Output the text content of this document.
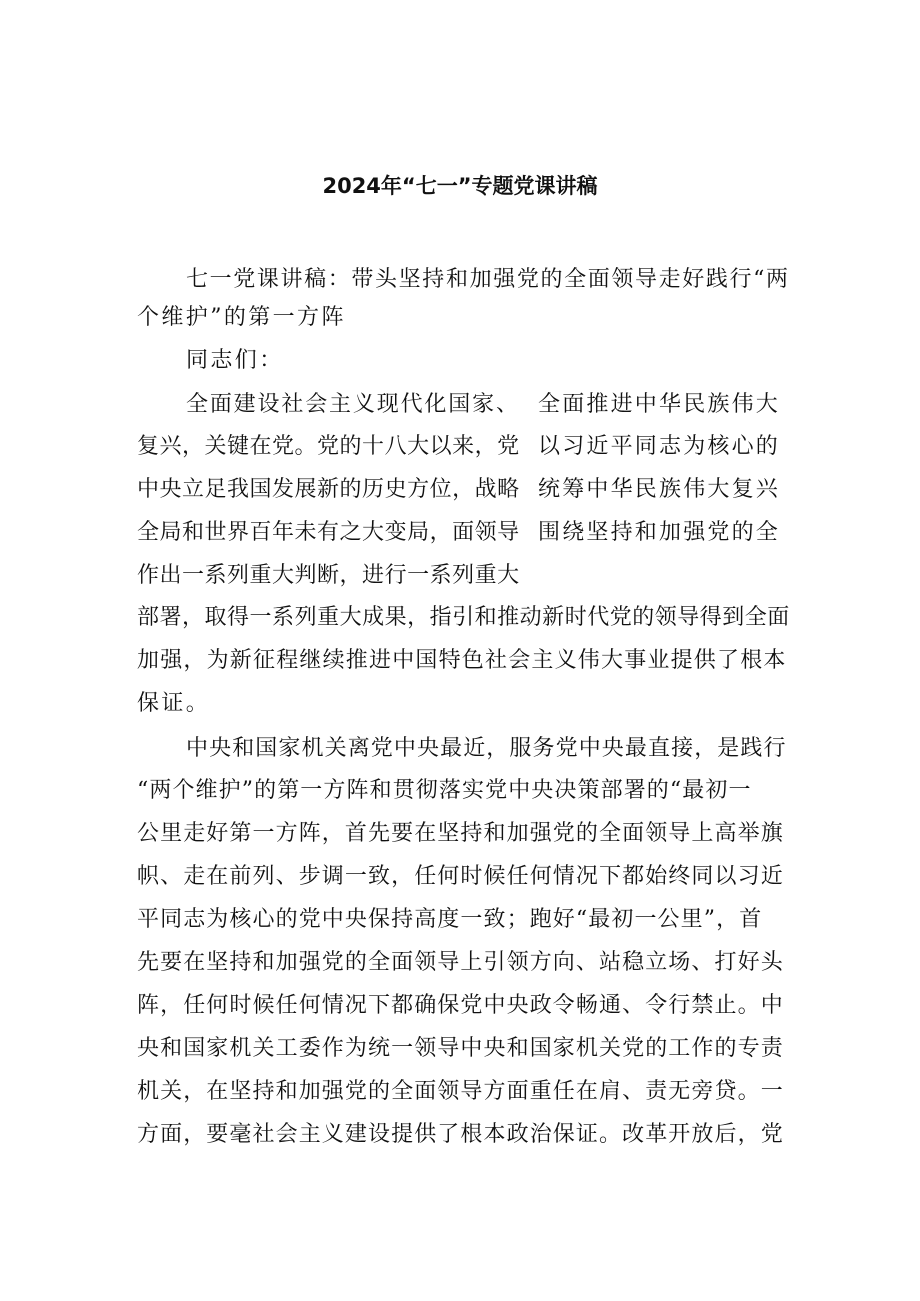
2024年“七一”专题党课讲稿
七一党课讲稿：带头坚持和加强党的全面领导走好践行“两
个维护”的第一方阵
同志们：
全面建设社会主义现代化国家、
复兴，关键在党。党的十八大以来，党
中央立足我国发展新的历史方位，战略
全局和世界百年未有之大变局，面领导
作出一系列重大判断，进行一系列重大
全面推进中华民族伟大
以习近平同志为核心的
统筹中华民族伟大复兴
围绕坚持和加强党的全
部署，取得一系列重大成果，指引和推动新时代党的领导得到全面
加强，为新征程继续推进中国特色社会主义伟大事业提供了根本
保证。
中央和国家机关离党中央最近，服务党中央最直接，是践行
“两个维护”的第一方阵和贯彻落实党中央决策部署的“最初一
公里走好第一方阵，首先要在坚持和加强党的全面领导上高举旗
帜、走在前列、步调一致，任何时候任何情况下都始终同以习近
平同志为核心的党中央保持高度一致；跑好“最初一公里”，首
先要在坚持和加强党的全面领导上引领方向、站稳立场、打好头
阵，任何时候任何情况下都确保党中央政令畅通、令行禁止。中
央和国家机关工委作为统一领导中央和国家机关党的工作的专责
机关，在坚持和加强党的全面领导方面重任在肩、责无旁贷。一
方面，要毫社会主义建设提供了根本政治保证。改革开放后，党
